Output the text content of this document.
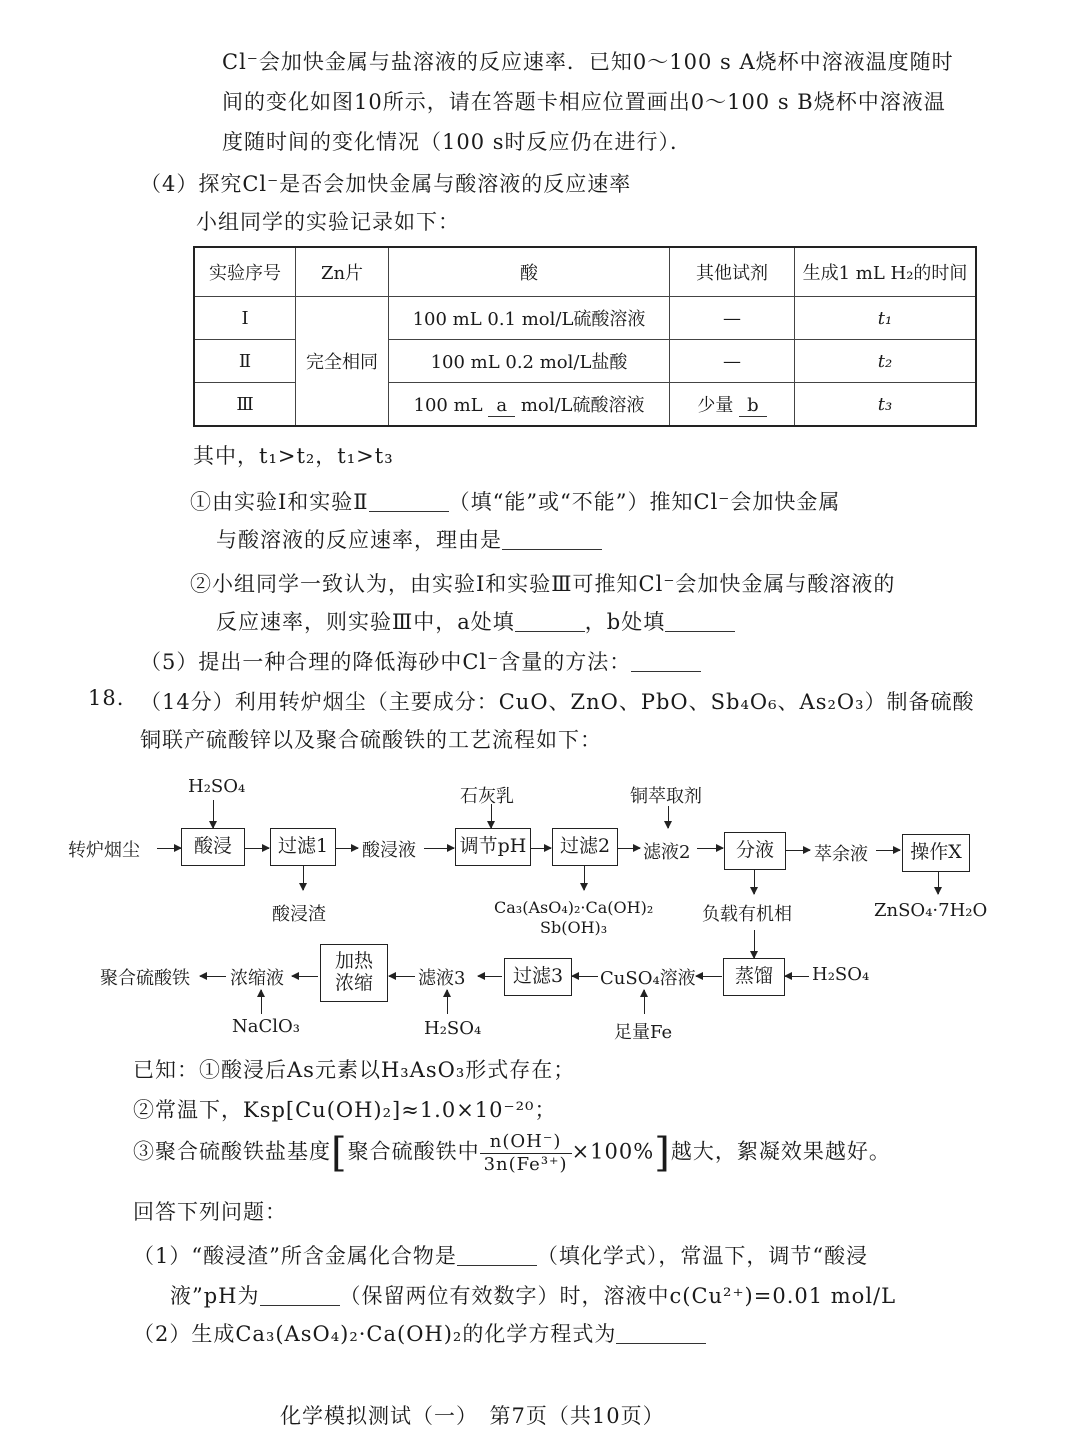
Cl⁻会加快金属与盐溶液的反应速率．已知0～100 s A烧杯中溶液温度随时
间的变化如图10所示，请在答题卡相应位置画出0～100 s B烧杯中溶液温
度随时间的变化情况（100 s时反应仍在进行）．
（4）探究Cl⁻是否会加快金属与酸溶液的反应速率
小组同学的实验记录如下：
实验序号	Zn片	酸	其他试剂	生成1 mL H₂的时间
Ⅰ	完全相同	100 mL 0.1 mol/L硫酸溶液	—	t₁
Ⅱ		100 mL 0.2 mol/L盐酸	—	t₂
Ⅲ		100 mL a mol/L硫酸溶液	少量 b	t₃
其中，t₁>t₂，t₁>t₃
①由实验Ⅰ和实验Ⅱ	（填“能”或“不能”）推知Cl⁻会加快金属
与酸溶液的反应速率，理由是
②小组同学一致认为，由实验Ⅰ和实验Ⅲ可推知Cl⁻会加快金属与酸溶液的
反应速率，则实验Ⅲ中，a处填	，b处填
（5）提出一种合理的降低海砂中Cl⁻含量的方法：
18. （14分）利用转炉烟尘（主要成分：CuO、ZnO、PbO、Sb₄O₆、As₂O₃）制备硫酸
铜联产硫酸锌以及聚合硫酸铁的工艺流程如下：
转炉烟尘
H₂SO₄
酸浸	过滤1
酸浸渣
酸浸液
石灰乳
调节pH	过滤2
Ca₃(AsO₄)₂·Ca(OH)₂
Sb(OH)₃
铜萃取剂
滤液2	分液	萃余液	操作X
ZnSO₄·7H₂O
负载有机相
蒸馏	H₂SO₄
CuSO₄溶液
足量Fe
过滤3
滤液3
H₂SO₄
加热
浓缩
浓缩液
NaClO₃
聚合硫酸铁
已知：①酸浸后As元素以H₃AsO₃形式存在；
②常温下，Ksp[Cu(OH)₂]≈1.0×10⁻²⁰；
③聚合硫酸铁盐基度[聚合硫酸铁中 $\frac{n(OH^-)}{\text{3n(Fe³⁺)}} \times 100\%$]越大，絮凝效果越好。
回答下列问题：
（1）“酸浸渣”所含金属化合物是	（填化学式），常温下，调节“酸浸
液”pH为	（保留两位有效数字）时，溶液中c(Cu²⁺)=0.01 mol/L
（2）生成Ca₃(AsO₄)₂·Ca(OH)₂的化学方程式为
化学模拟测试（一）　第7页（共10页）
